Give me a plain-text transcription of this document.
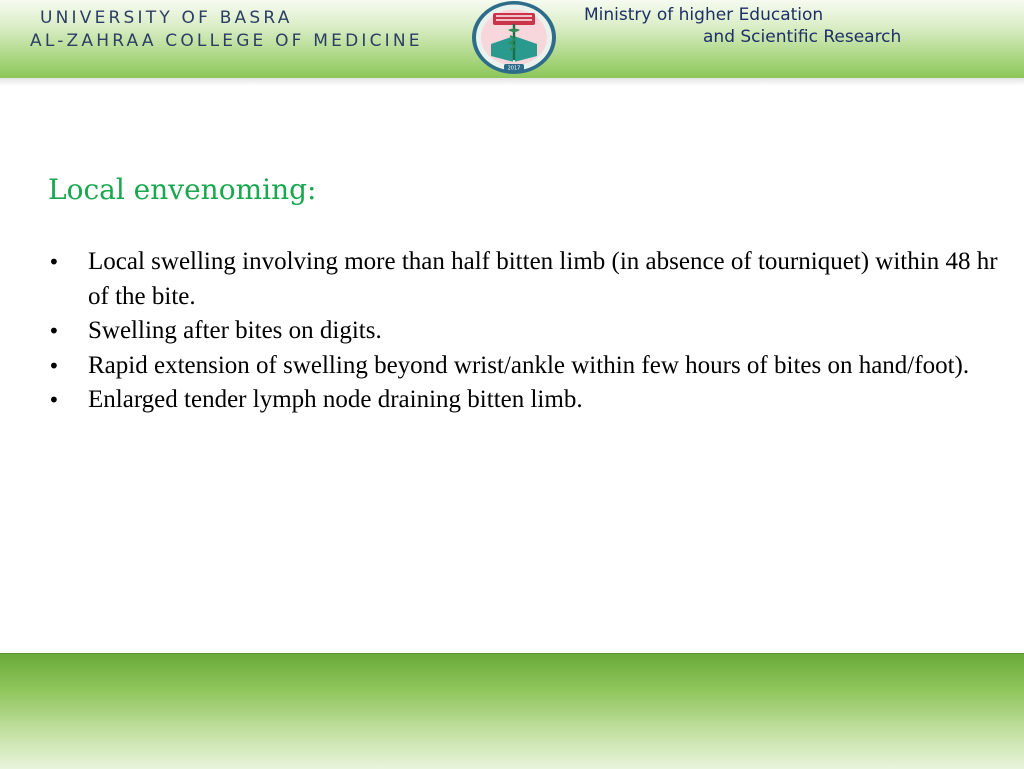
UNIVERSITY OF BASRA
AL-ZAHRAA COLLEGE OF MEDICINE
2017
Ministry of higher Education
and Scientific Research
Local envenoming:
• Local swelling involving more than half bitten limb (in absence of tourniquet) within 48 hr of the bite.
• Swelling after bites on digits.
• Rapid extension of swelling beyond wrist/ankle within few hours of bites on hand/foot).
• Enlarged tender lymph node draining bitten limb.
